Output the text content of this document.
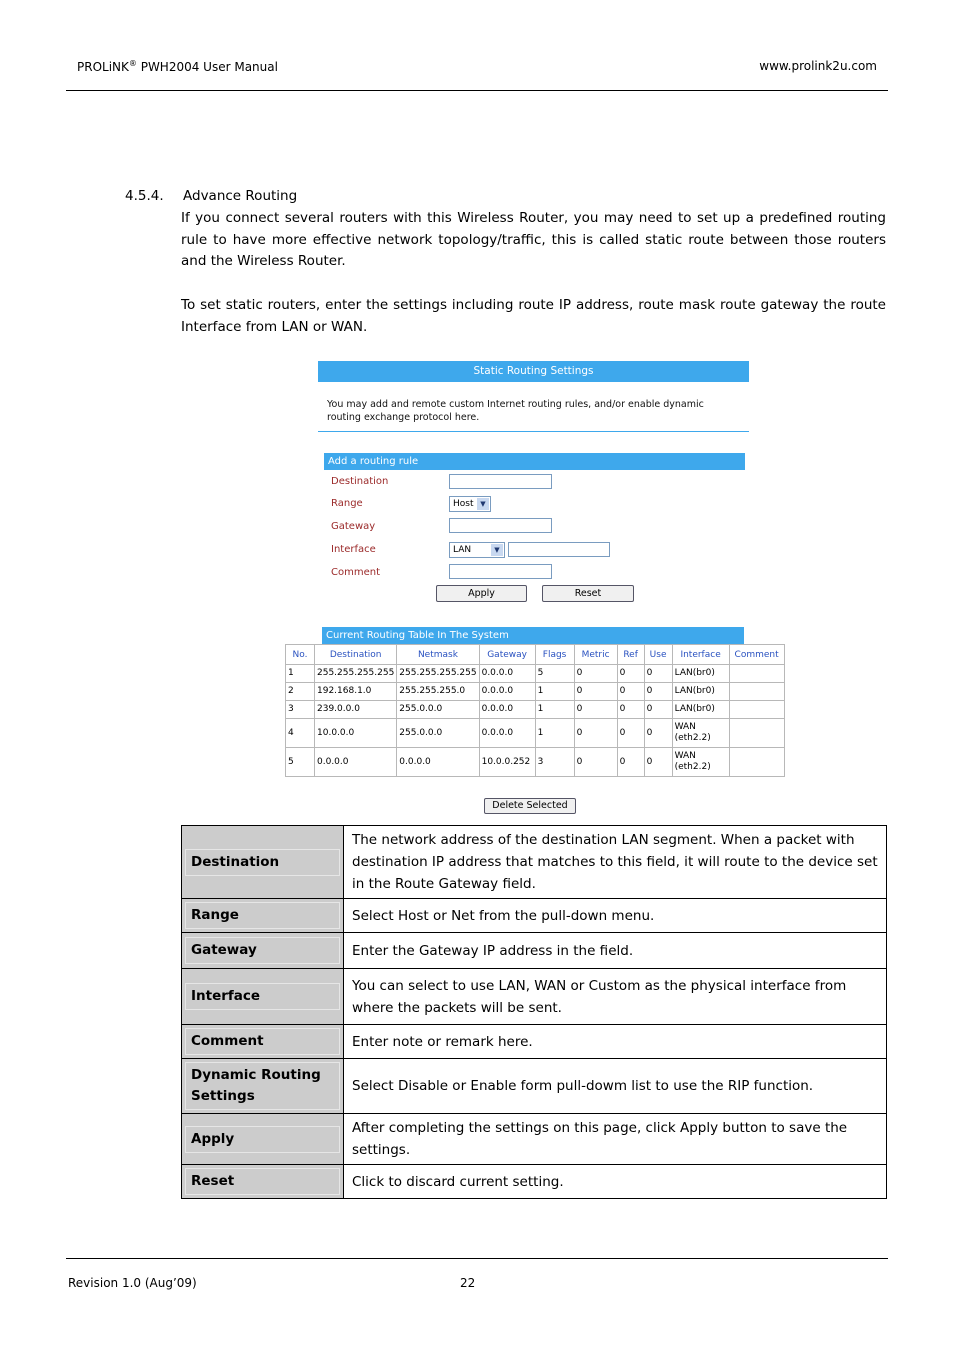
PROLiNK® PWH2004 User Manual	www.prolink2u.com
4.5.4. Advance Routing
If you connect several routers with this Wireless Router, you may need to set up a predefined routing rule to have more effective network topology/traffic, this is called static route between those routers and the Wireless Router.
To set static routers, enter the settings including route IP address, route mask route gateway the route Interface from LAN or WAN.
Static Routing Settings
You may add and remote custom Internet routing rules, and/or enable dynamic routing exchange protocol here.
Add a routing rule
Destination
Range	Host ▼
Gateway
Interface	LAN	▼
Comment
Apply	Reset
Current Routing Table In The System
No.	Destination	Netmask	Gateway	Flags	Metric	Ref	Use	Interface	Comment
1	255.255.255.255	255.255.255.255	0.0.0.0	5	0	0	0	LAN(br0)	
2	192.168.1.0	255.255.255.0	0.0.0.0	1	0	0	0	LAN(br0)	
3	239.0.0.0	255.0.0.0	0.0.0.0	1	0	0	0	LAN(br0)	
4	10.0.0.0	255.0.0.0	0.0.0.0	1	0	0	0	WAN (eth2.2)	
5	0.0.0.0	0.0.0.0	10.0.0.252	3	0	0	0	WAN (eth2.2)	
Delete Selected
Destination	The network address of the destination LAN segment. When a packet with destination IP address that matches to this field, it will route to the device set in the Route Gateway field.

Range	Select Host or Net from the pull-down menu.

Gateway	Enter the Gateway IP address in the field.

Interface	You can select to use LAN, WAN or Custom as the physical interface from where the packets will be sent.

Comment	Enter note or remark here.

Dynamic Routing Settings	Select Disable or Enable form pull-dowm list to use the RIP function.

Apply	After completing the settings on this page, click Apply button to save the settings.

Reset	Click to discard current setting.
Revision 1.0 (Aug’09)	22
